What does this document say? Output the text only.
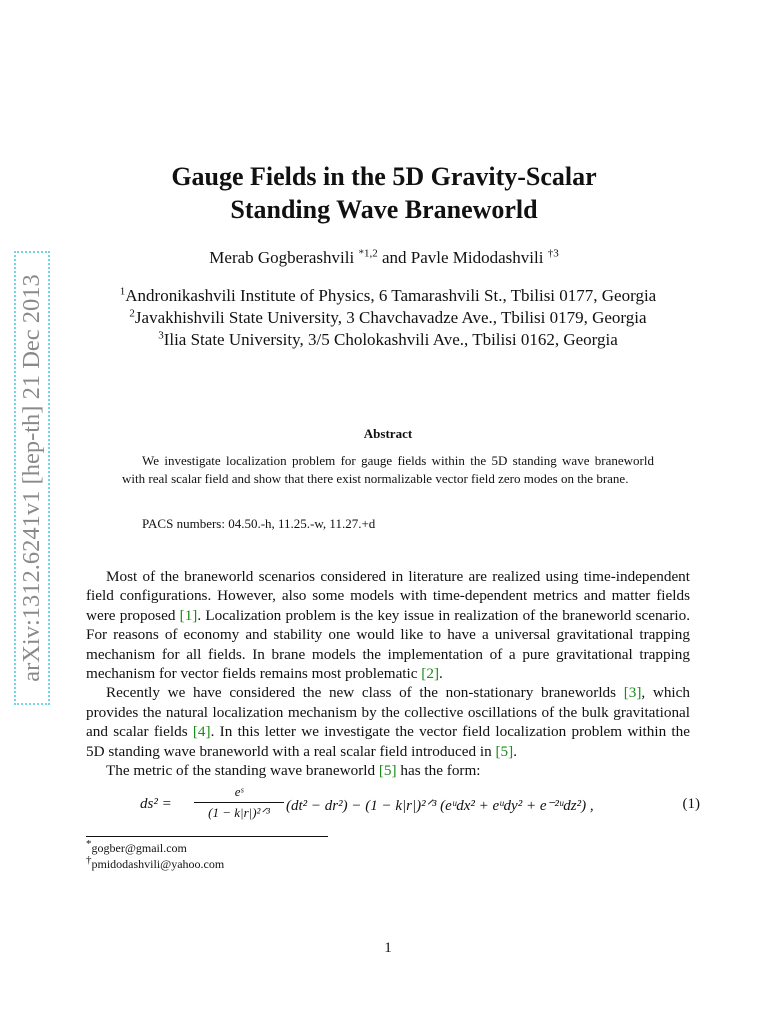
arXiv:1312.6241v1 [hep-th] 21 Dec 2013
Gauge Fields in the 5D Gravity-Scalar
Standing Wave Braneworld
Merab Gogberashvili $^{*1,2}$ and Pavle Midodashvili $^{\dagger 3}$
$^1$Andronikashvili Institute of Physics, 6 Tamarashvili St., Tbilisi 0177, Georgia
$^2$Javakhishvili State University, 3 Chavchavadze Ave., Tbilisi 0179, Georgia
$^3$Ilia State University, 3/5 Cholokashvili Ave., Tbilisi 0162, Georgia
Abstract
We investigate localization problem for gauge fields within the 5D standing wave braneworld with real scalar field and show that there exist normalizable vector field zero modes on the brane.
PACS numbers: 04.50.-h, 11.25.-w, 11.27.+d

Most of the braneworld scenarios considered in literature are realized using time-independent field configurations. However, also some models with time-dependent metrics and matter fields were proposed [1]. Localization problem is the key issue in realization of the braneworld scenario. For reasons of economy and stability one would like to have a universal gravitational trapping mechanism for all fields. In brane models the implementation of a pure gravitational trapping mechanism for vector fields remains most problematic [2].

Recently we have considered the new class of the non-stationary braneworlds [3], which provides the natural localization mechanism by the collective oscillations of the bulk gravitational and scalar fields [4]. In this letter we investigate the vector field localization problem within the 5D standing wave braneworld with a real scalar field introduced in [5].

The metric of the standing wave braneworld [5] has the form:

ds² =
eˢ
(1 − k|r|)²ᐟ³	(dt² − dr²) − (1 − k|r|)²ᐟ³ (eᵘdx² + eᵘdy² + e⁻²ᵘdz²) ,	(1)
*gogber@gmail.com
†pmidodashvili@yahoo.com
1
